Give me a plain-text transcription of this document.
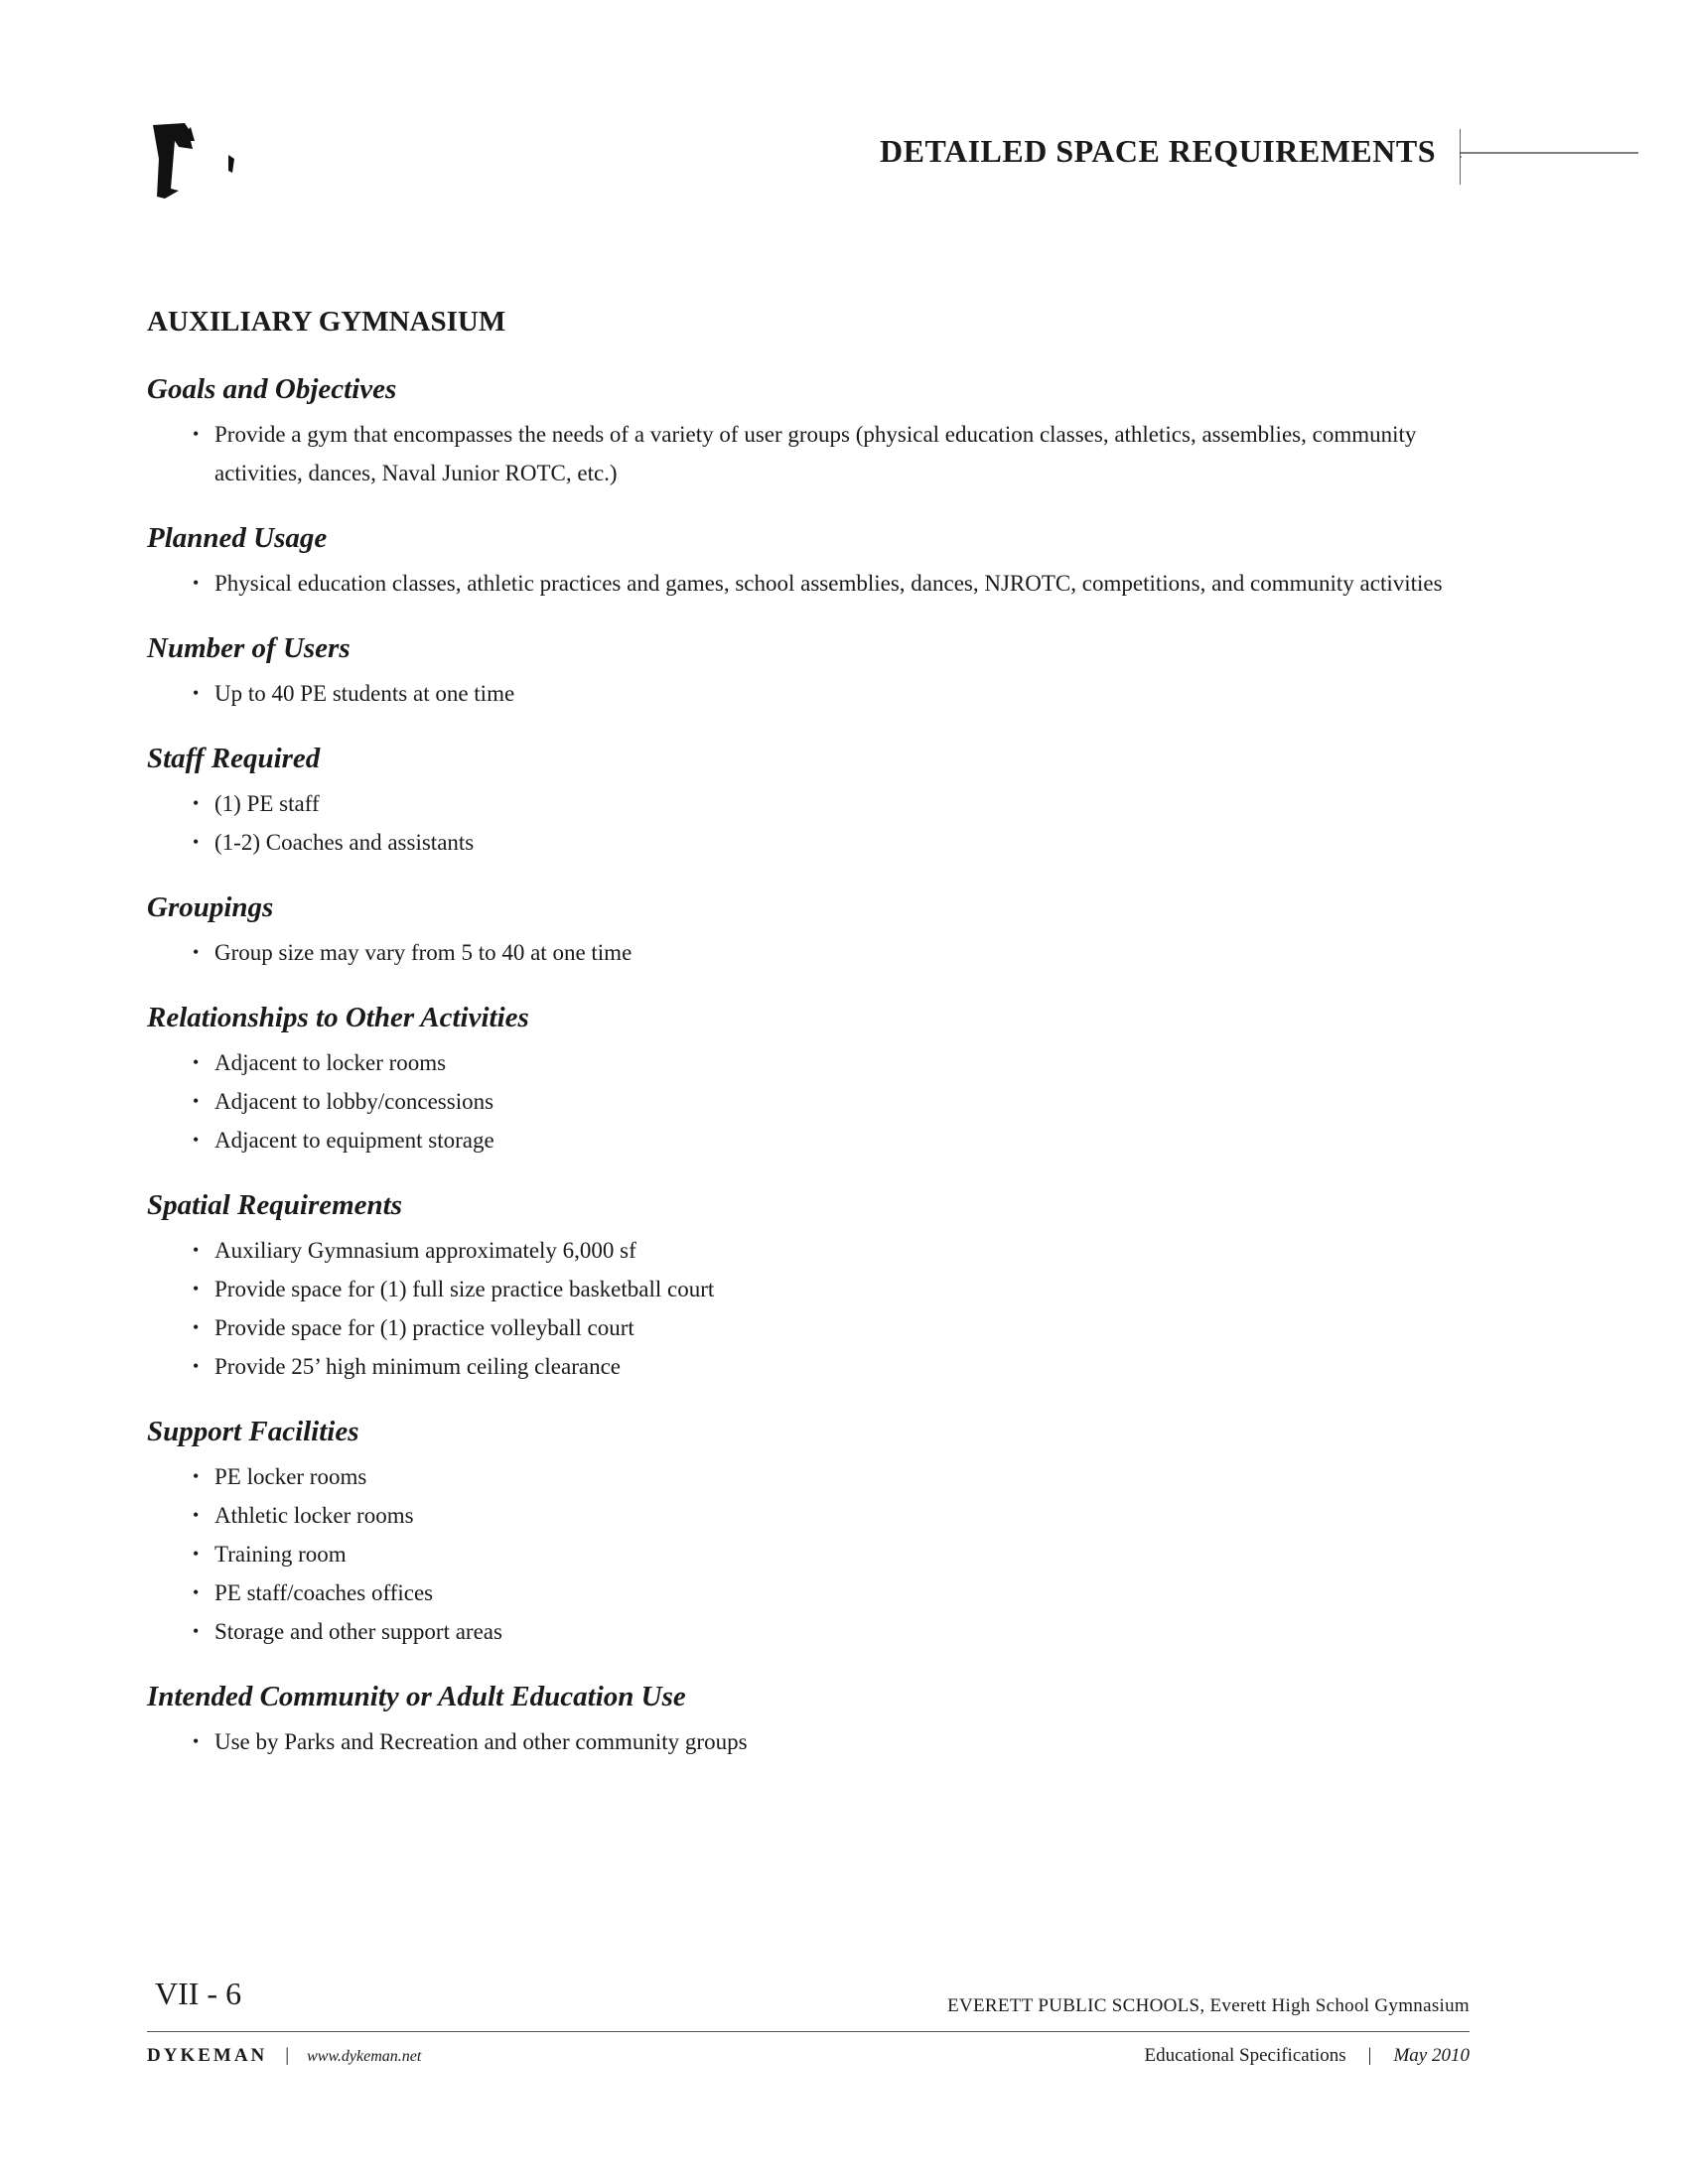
DETAILED SPACE REQUIREMENTS
AUXILIARY GYMNASIUM
Goals and Objectives
• Provide a gym that encompasses the needs of a variety of user groups (physical education classes, athletics, assemblies, community activities, dances, Naval Junior ROTC, etc.)
Planned Usage
• Physical education classes, athletic practices and games, school assemblies, dances, NJROTC, competitions, and community activities
Number of Users
• Up to 40 PE students at one time
Staff Required
• (1) PE staff
• (1-2) Coaches and assistants
Groupings
• Group size may vary from 5 to 40 at one time
Relationships to Other Activities
• Adjacent to locker rooms
• Adjacent to lobby/concessions
• Adjacent to equipment storage
Spatial Requirements
• Auxiliary Gymnasium approximately 6,000 sf
• Provide space for (1) full size practice basketball court
• Provide space for (1) practice volleyball court
• Provide 25’ high minimum ceiling clearance
Support Facilities
• PE locker rooms
• Athletic locker rooms
• Training room
• PE staff/coaches offices
• Storage and other support areas
Intended Community or Adult Education Use
• Use by Parks and Recreation and other community groups
VII - 6	EVERETT PUBLIC SCHOOLS, Everett High School Gymnasium
DYKEMAN | www.dykeman.net	Educational Specifications | May 2010
